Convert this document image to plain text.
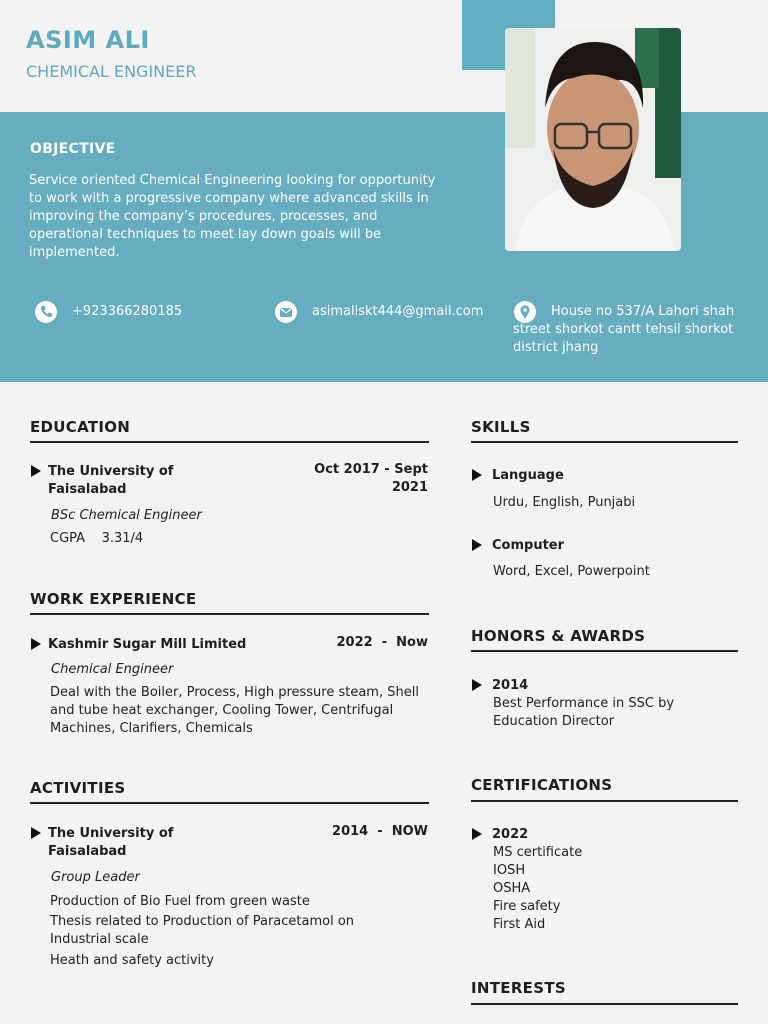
ASIM ALI
CHEMICAL ENGINEER
OBJECTIVE
Service oriented Chemical Engineering looking for opportunity to work with a progressive company where advanced skills in improving the company’s procedures, processes, and operational techniques to meet lay down goals will be implemented.
+923366280185	asimaliskt444@gmail.com	House no 537/A Lahori shah street shorkot cantt tehsil shorkot district jhang
EDUCATION
The University of Faisalabad
Oct 2017 - Sept 2021
BSc Chemical Engineer
CGPA    3.31/4
WORK EXPERIENCE
Kashmir Sugar Mill Limited	2022  -  Now
Chemical Engineer
Deal with the Boiler, Process, High pressure steam, Shell and tube heat exchanger, Cooling Tower, Centrifugal Machines, Clarifiers, Chemicals
ACTIVITIES
The University of Faisalabad
2014  -  NOW
Group Leader
Production of Bio Fuel from green waste
Thesis related to Production of Paracetamol on Industrial scale
Heath and safety activity
SKILLS
Language
Urdu, English, Punjabi
Computer
Word, Excel, Powerpoint
HONORS & AWARDS
2014
Best Performance in SSC by Education Director
CERTIFICATIONS
2022
MS certificate
IOSH
OSHA
Fire safety
First Aid
INTERESTS
